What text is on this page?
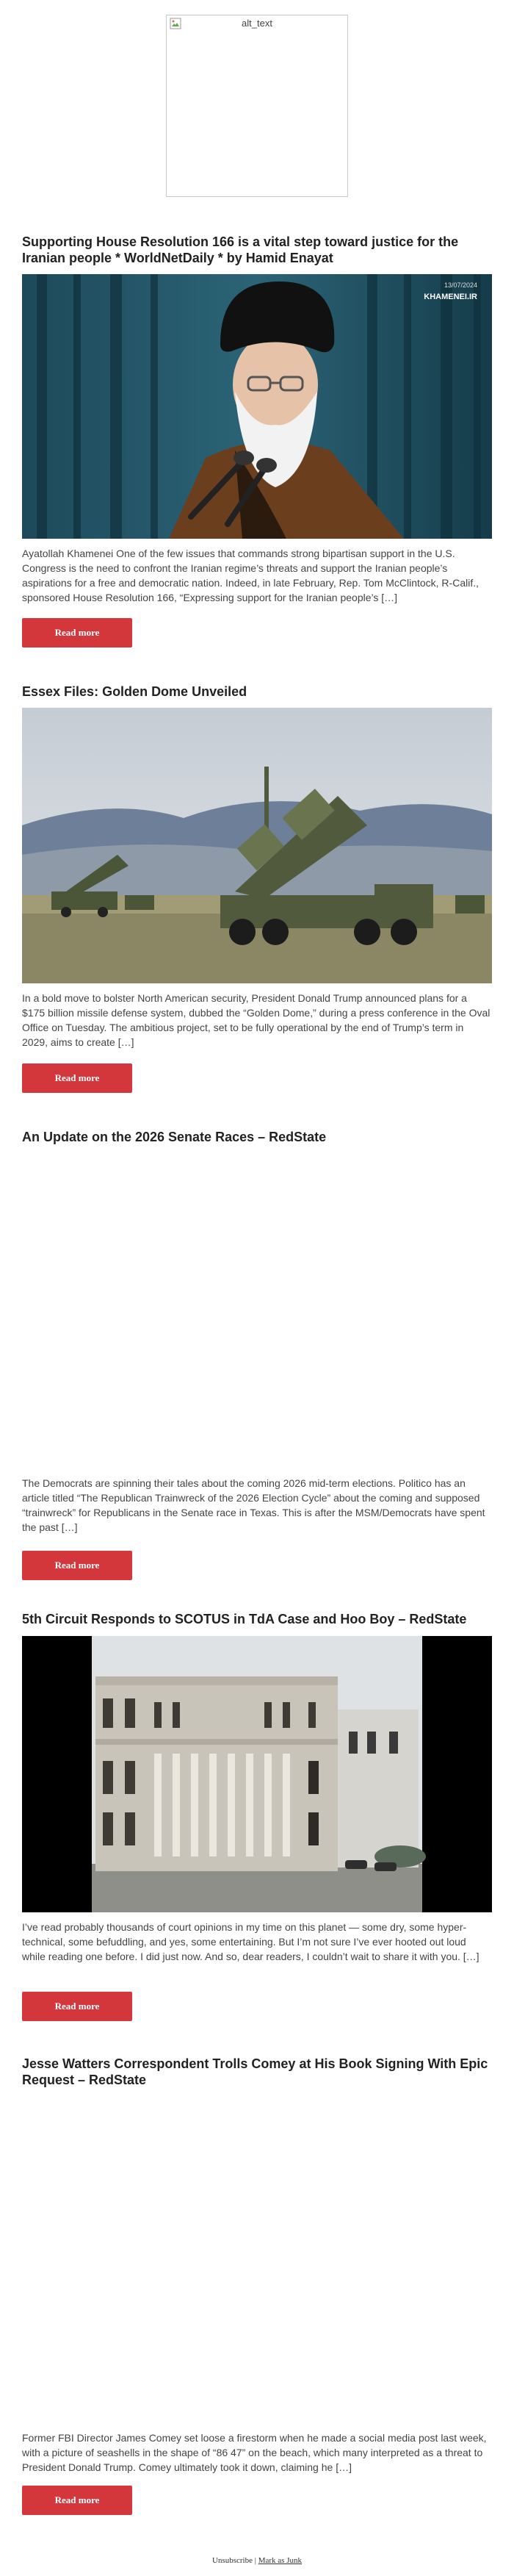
alt_text
Supporting House Resolution 166 is a vital step toward justice for the Iranian people * WorldNetDaily * by Hamid Enayat
13/07/2024
KHAMENEI.IR

Ayatollah Khamenei One of the few issues that commands strong bipartisan support in the U.S. Congress is the need to confront the Iranian regime’s threats and support the Iranian people’s aspirations for a free and democratic nation. Indeed, in late February, Rep. Tom McClintock, R-Calif., sponsored House Resolution 166, “Expressing support for the Iranian people’s […]

Read more
Essex Files: Golden Dome Unveiled

In a bold move to bolster North American security, President Donald Trump announced plans for a $175 billion missile defense system, dubbed the “Golden Dome,” during a press conference in the Oval Office on Tuesday. The ambitious project, set to be fully operational by the end of Trump’s term in 2029, aims to create […]

Read more
An Update on the 2026 Senate Races – RedState

The Democrats are spinning their tales about the coming 2026 mid-term elections. Politico has an article titled “The Republican Trainwreck of the 2026 Election Cycle” about the coming and supposed “trainwreck” for Republicans in the Senate race in Texas. This is after the MSM/Democrats have spent the past […]

Read more
5th Circuit Responds to SCOTUS in TdA Case and Hoo Boy – RedState

I’ve read probably thousands of court opinions in my time on this planet — some dry, some hyper-technical, some befuddling, and yes, some entertaining. But I’m not sure I’ve ever hooted out loud while reading one before. I did just now. And so, dear readers, I couldn’t wait to share it with you. […]

Read more
Jesse Watters Correspondent Trolls Comey at His Book Signing With Epic Request – RedState

Former FBI Director James Comey set loose a firestorm when he made a social media post last week, with a picture of seashells in the shape of “86 47” on the beach, which many interpreted as a threat to President Donald Trump. Comey ultimately took it down, claiming he […]

Read more
Unsubscribe | Mark as Junk
